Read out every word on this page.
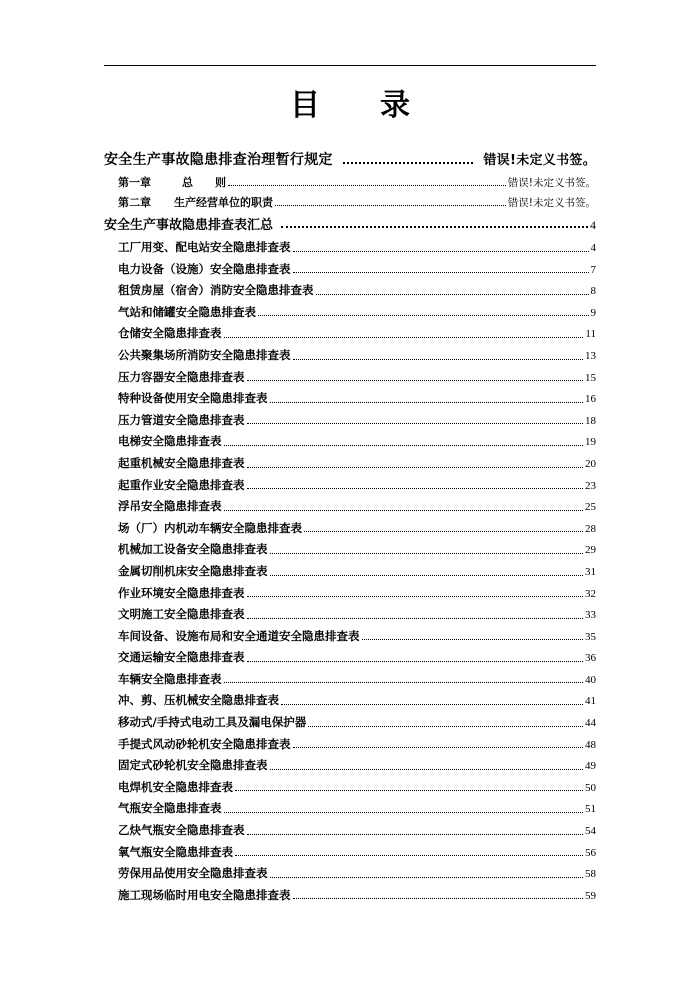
目 录
安全生产事故隐患排查治理暂行规定	错误!未定义书签。
第一章	总　　则	错误!未定义书签。
第二章 生产经营单位的职责	错误!未定义书签。
安全生产事故隐患排查表汇总	4
工厂用变、配电站安全隐患排查表	4
电力设备（设施）安全隐患排查表	7
租赁房屋（宿舍）消防安全隐患排查表	8
气站和储罐安全隐患排查表	9
仓储安全隐患排查表	11
公共聚集场所消防安全隐患排查表	13
压力容器安全隐患排查表	15
特种设备使用安全隐患排查表	16
压力管道安全隐患排查表	18
电梯安全隐患排查表	19
起重机械安全隐患排查表	20
起重作业安全隐患排查表	23
浮吊安全隐患排查表	25
场（厂）内机动车辆安全隐患排查表	28
机械加工设备安全隐患排查表	29
金属切削机床安全隐患排查表	31
作业环境安全隐患排查表	32
文明施工安全隐患排查表	33
车间设备、设施布局和安全通道安全隐患排查表	35
交通运输安全隐患排查表	36
车辆安全隐患排查表	40
冲、剪、压机械安全隐患排查表	41
移动式/手持式电动工具及漏电保护器	44
手提式风动砂轮机安全隐患排查表	48
固定式砂轮机安全隐患排查表	49
电焊机安全隐患排查表	50
气瓶安全隐患排查表	51
乙炔气瓶安全隐患排查表	54
氧气瓶安全隐患排查表	56
劳保用品使用安全隐患排查表	58
施工现场临时用电安全隐患排查表	59
